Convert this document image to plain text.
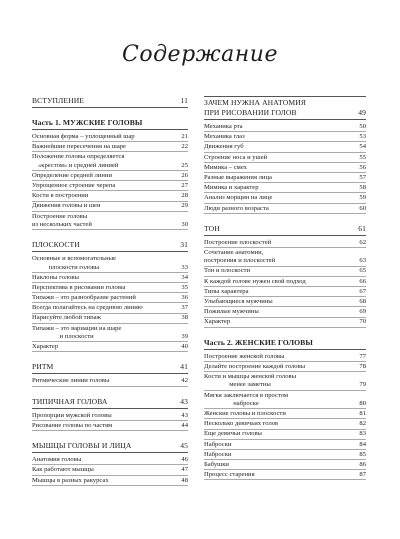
Содержание
ВСТУПЛЕНИЕ	11
Часть 1. МУЖСКИЕ ГОЛОВЫ
Основная форма – уплощенный шар	21
Важнейшие пересечения на шаре	22
Положение головы определяется
«крестом» и средней линией	25
Определение средней линии	26
Упрощенное строение черепа	27
Кости в построении	28
Движения головы и шеи	29
Построение головы
из нескольких частей	30
ПЛОСКОСТИ	31
Основные и вспомогательные
плоскости головы	33
Наклоны головы	34
Перспектива в рисовании головы	35
Типажи – это разнообразие растений	36
Всегда полагайтесь на среднюю линию	37
Нарисуйте любой типаж	38
Типажи – это вариации на шаре
и плоскости	39
Характер	40
РИТМ	41
Ритмические линии головы	42
ТИПИЧНАЯ ГОЛОВА	43
Пропорции мужской головы	43
Рисование головы по частям	44
МЫШЦЫ ГОЛОВЫ И ЛИЦА	45
Анатомия головы	46
Как работают мышцы	47
Мышцы в разных ракурсах	48
ЗАЧЕМ НУЖНА АНАТОМИЯ
ПРИ РИСОВАНИИ ГОЛОВ	49
Механика рта	50
Механика глаз	53
Движения губ	54
Строение носа и ушей	55
Мимика – смех	56
Разные выражения лица	57
Мимика и характер	58
Анализ морщин на лице	59
Люди разного возраста	60
ТОН	61
Построение плоскостей	62
Сочетание анатомии,
построения и плоскостей	63
Тон и плоскости	65
К каждой голове нужен свой подход	66
Типы характера	67
Улыбающиеся мужчины	68
Пожилые мужчины	69
Характер	70
Часть 2. ЖЕНСКИЕ ГОЛОВЫ
Построение женской головы	77
Делайте построение каждой головы	78
Кости и мышцы женской головы
менее заметны	79
Мягкя заключается в простом
наброске	80
Женские головы и плоскости	81
Несколько девичьих голов	82
Еще девичьи головы	83
Наброски	84
Наброски	85
Бабушки	86
Процесс старения	87
